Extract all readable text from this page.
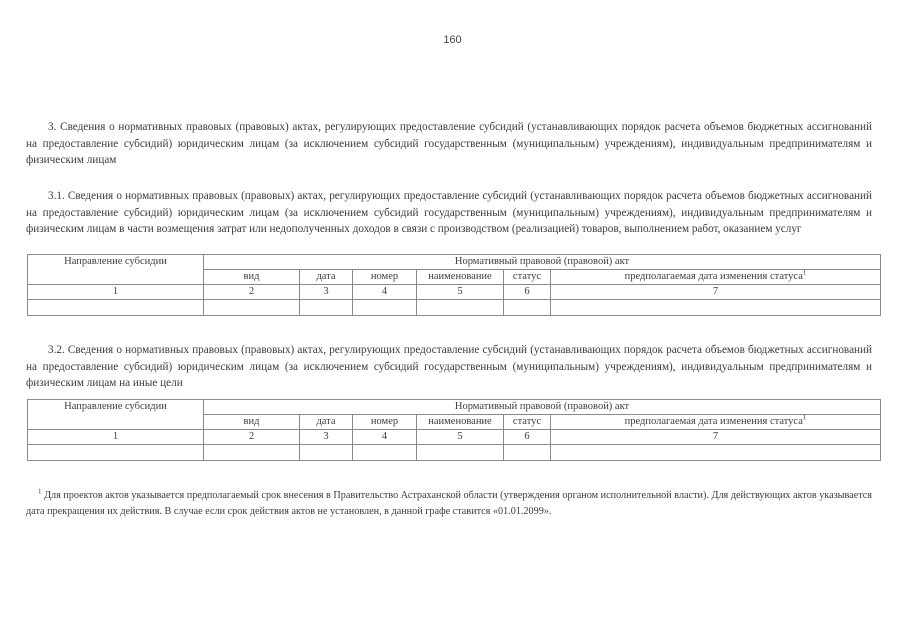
160

3. Сведения о нормативных правовых (правовых) актах, регулирующих предоставление субсидий (устанавливающих порядок расчета объемов бюджетных ассигнований на предоставление субсидий) юридическим лицам (за исключением субсидий государственным (муниципальным) учреждениям), индивидуальным предпринимателям и физическим лицам

3.1. Сведения о нормативных правовых (правовых) актах, регулирующих предоставление субсидий (устанавливающих порядок расчета объемов бюджетных ассигнований на предоставление субсидий) юридическим лицам (за исключением субсидий государственным (муниципальным) учреждениям), индивидуальным предпринимателям и физическим лицам в части возмещения затрат или недополученных доходов в связи с производством (реализацией) товаров, выполнением работ, оказанием услуг

Направление субсидии	Нормативный правовой (правовой) акт					
	вид	дата	номер	наименование	статус	предполагаемая дата изменения статуса$^1$
1	2	3	4	5	6	7

3.2. Сведения о нормативных правовых (правовых) актах, регулирующих предоставление субсидий (устанавливающих порядок расчета объемов бюджетных ассигнований на предоставление субсидий) юридическим лицам (за исключением субсидий государственным (муниципальным) учреждениям), индивидуальным предпринимателям и физическим лицам на иные цели

Направление субсидии	Нормативный правовой (правовой) акт					
	вид	дата	номер	наименование	статус	предполагаемая дата изменения статуса$^1$
1	2	3	4	5	6	7

$^1$ Для проектов актов указывается предполагаемый срок внесения в Правительство Астраханской области (утверждения органом исполнительной власти). Для действующих актов указывается дата прекращения их действия. В случае если срок действия актов не установлен, в данной графе ставится «01.01.2099».
